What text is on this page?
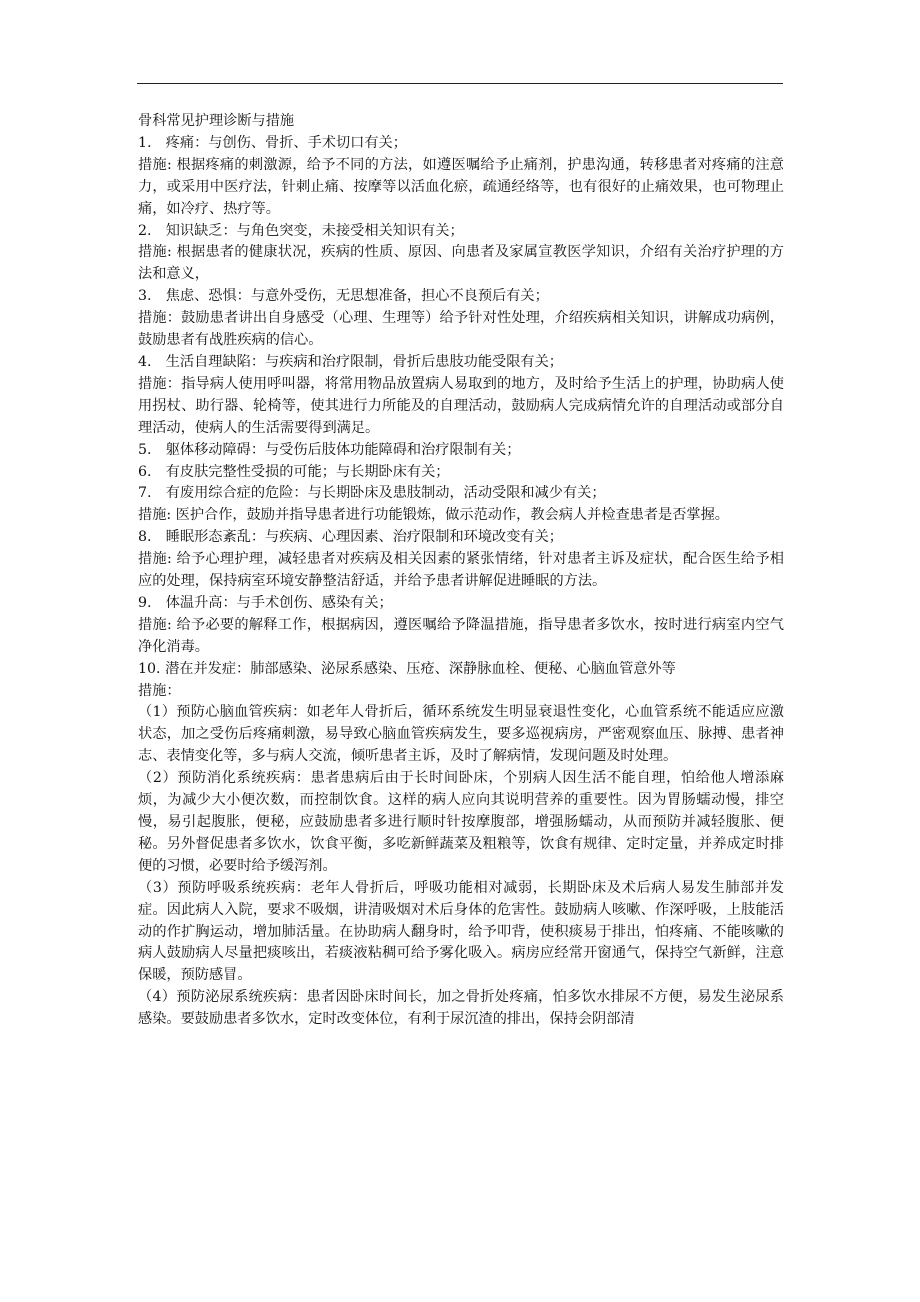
骨科常见护理诊断与措施

1. 疼痛：与创伤、骨折、手术切口有关；

措施: 根据疼痛的刺激源，给予不同的方法，如遵医嘱给予止痛剂，护患沟通，转移患者对疼痛的注意力，或采用中医疗法，针刺止痛、按摩等以活血化瘀，疏通经络等，也有很好的止痛效果，也可物理止痛，如冷疗、热疗等。

2. 知识缺乏：与角色突变，未接受相关知识有关；

措施: 根据患者的健康状况，疾病的性质、原因、向患者及家属宣教医学知识，介绍有关治疗护理的方法和意义，

3. 焦虑、恐惧：与意外受伤，无思想准备，担心不良预后有关；

措施：鼓励患者讲出自身感受（心理、生理等）给予针对性处理，介绍疾病相关知识，讲解成功病例，鼓励患者有战胜疾病的信心。

4. 生活自理缺陷：与疾病和治疗限制，骨折后患肢功能受限有关；

措施：指导病人使用呼叫器，将常用物品放置病人易取到的地方，及时给予生活上的护理，协助病人使用拐杖、助行器、轮椅等，使其进行力所能及的自理活动，鼓励病人完成病情允许的自理活动或部分自理活动，使病人的生活需要得到满足。

5. 躯体移动障碍：与受伤后肢体功能障碍和治疗限制有关；

6. 有皮肤完整性受损的可能；与长期卧床有关；

7. 有废用综合症的危险：与长期卧床及患肢制动，活动受限和减少有关；

措施: 医护合作，鼓励并指导患者进行功能锻炼，做示范动作，教会病人并检查患者是否掌握。

8. 睡眠形态紊乱：与疾病、心理因素、治疗限制和环境改变有关；

措施: 给予心理护理，减轻患者对疾病及相关因素的紧张情绪，针对患者主诉及症状，配合医生给予相应的处理，保持病室环境安静整洁舒适，并给予患者讲解促进睡眠的方法。

9. 体温升高：与手术创伤、感染有关；

措施: 给予必要的解释工作，根据病因，遵医嘱给予降温措施，指导患者多饮水，按时进行病室内空气净化消毒。

10. 潜在并发症：肺部感染、泌尿系感染、压疮、深静脉血栓、便秘、心脑血管意外等

措施：

（1）预防心脑血管疾病：如老年人骨折后，循环系统发生明显衰退性变化，心血管系统不能适应应激状态，加之受伤后疼痛刺激，易导致心脑血管疾病发生，要多巡视病房，严密观察血压、脉搏、患者神志、表情变化等，多与病人交流，倾听患者主诉，及时了解病情，发现问题及时处理。

（2）预防消化系统疾病：患者患病后由于长时间卧床，个别病人因生活不能自理，怕给他人增添麻烦，为减少大小便次数，而控制饮食。这样的病人应向其说明营养的重要性。因为胃肠蠕动慢，排空慢，易引起腹胀，便秘，应鼓励患者多进行顺时针按摩腹部，增强肠蠕动，从而预防并减轻腹胀、便秘。另外督促患者多饮水，饮食平衡，多吃新鲜蔬菜及粗粮等，饮食有规律、定时定量，并养成定时排便的习惯，必要时给予缓泻剂。

（3）预防呼吸系统疾病：老年人骨折后，呼吸功能相对减弱，长期卧床及术后病人易发生肺部并发症。因此病人入院，要求不吸烟，讲清吸烟对术后身体的危害性。鼓励病人咳嗽、作深呼吸，上肢能活动的作扩胸运动，增加肺活量。在协助病人翻身时，给予叩背，使积痰易于排出，怕疼痛、不能咳嗽的病人鼓励病人尽量把痰咳出，若痰液粘稠可给予雾化吸入。病房应经常开窗通气，保持空气新鲜，注意保暖，预防感冒。

（4）预防泌尿系统疾病：患者因卧床时间长，加之骨折处疼痛，怕多饮水排尿不方便，易发生泌尿系感染。要鼓励患者多饮水，定时改变体位，有利于尿沉渣的排出，保持会阴部清
